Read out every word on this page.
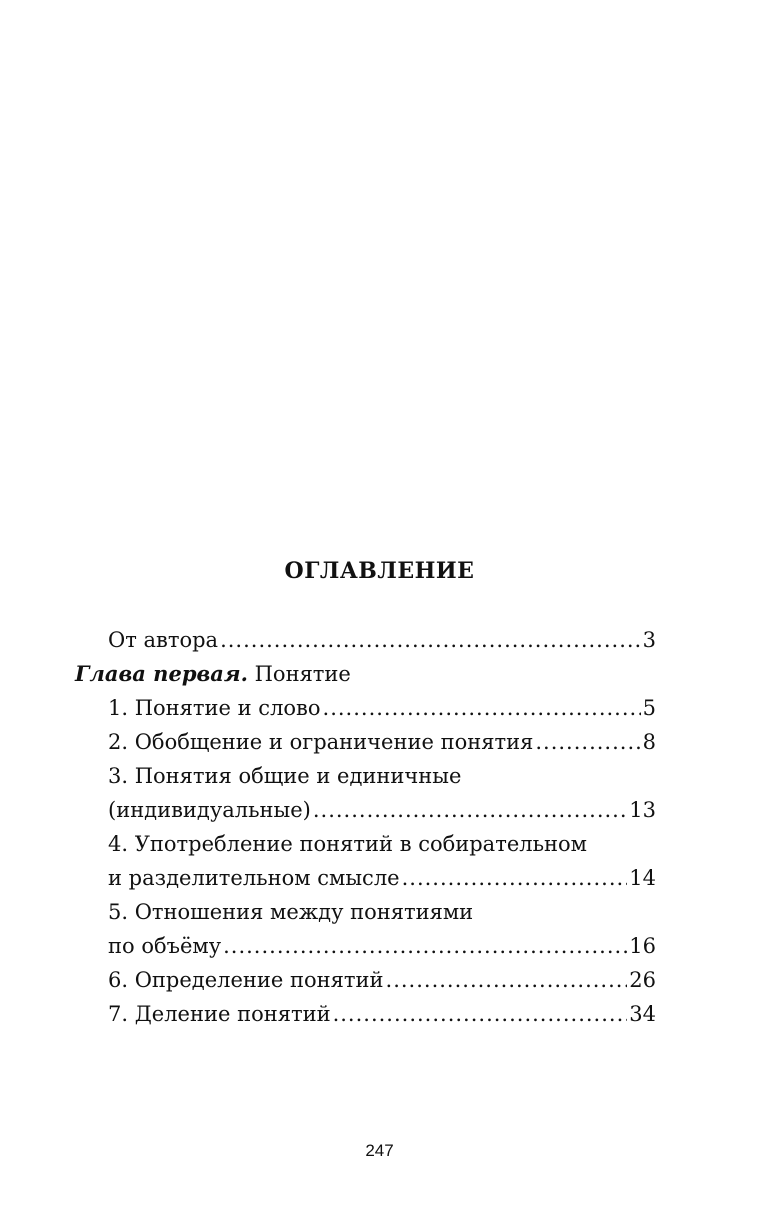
ОГЛАВЛЕНИЕ
От автора .....	3
Глава первая. Понятие
1. Понятие и слово .....	5
2. Обобщение и ограничение понятия .....	8
3. Понятия общие и единичные
(индивидуальные) .....	13
4. Употребление понятий в собирательном
и разделительном смысле .....	14
5. Отношения между понятиями
по объёму .....	16
6. Определение понятий .....	26
7. Деление понятий .....	34
247
